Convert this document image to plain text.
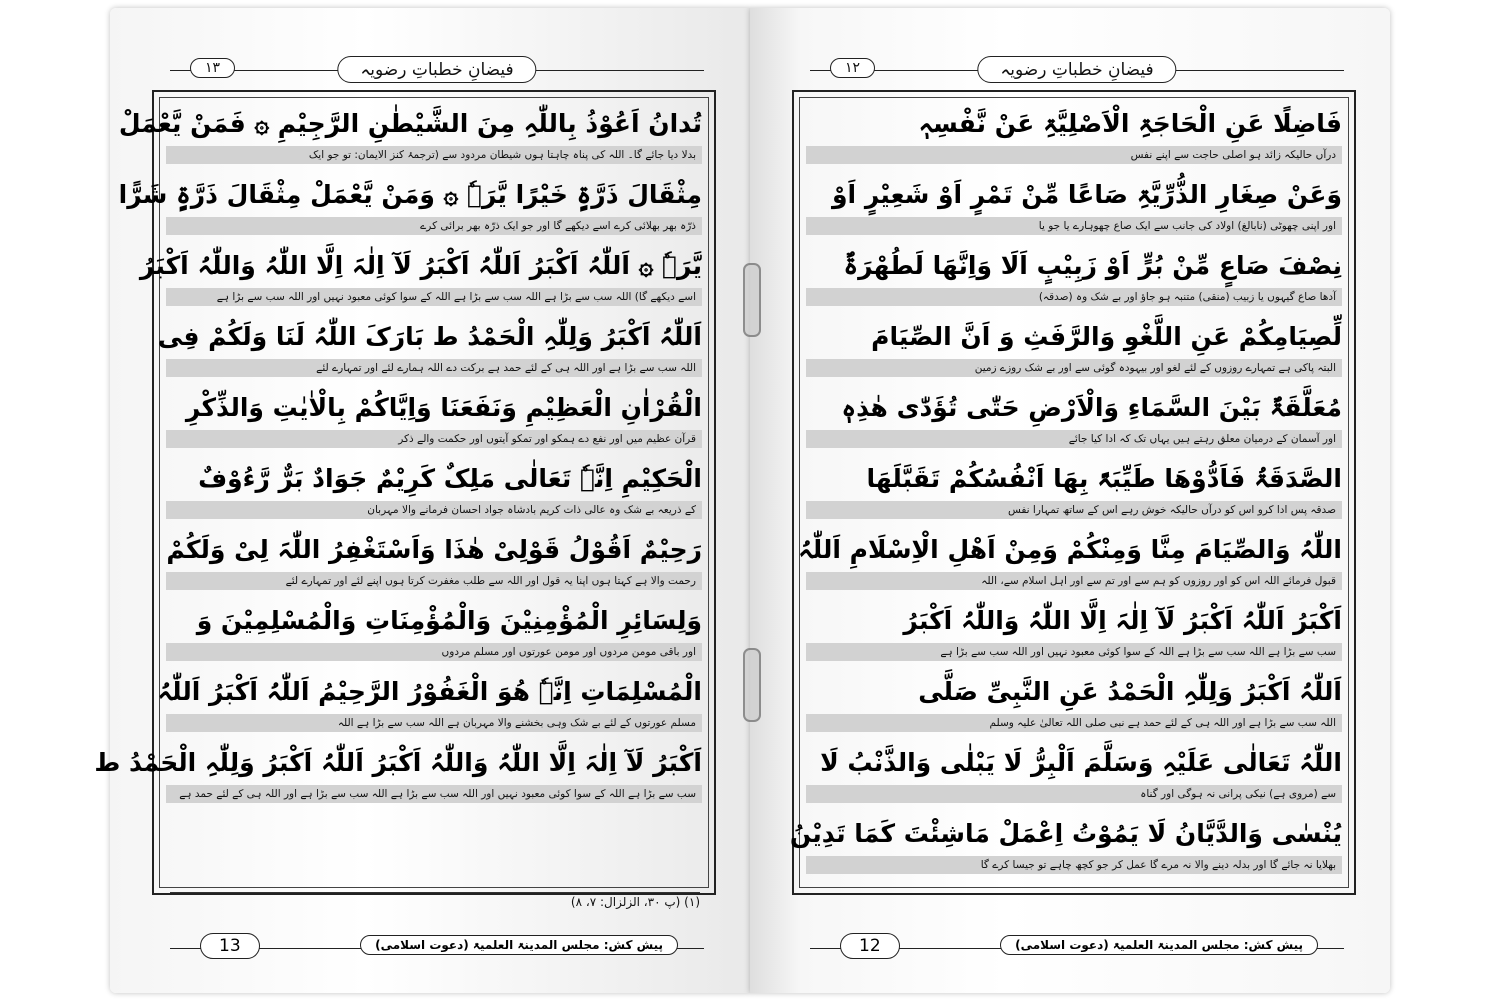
١٣	فیضانِ خطباتِ رضویہ
تُدانُ اَعُوْذُ بِاللّٰہِ مِنَ الشَّیْطٰنِ الرَّجِیْمِ ۞ فَمَنْ یَّعْمَلْ
بدلا دیا جائے گا۔ اللہ کی پناہ چاہتا ہوں شیطان مردود سے (ترجمۂ کنز الایمان: تو جو ایک
مِثْقَالَ ذَرَّۃٍ خَیْرًا یَّرَہٗ ۞ وَمَنْ یَّعْمَلْ مِثْقَالَ ذَرَّۃٍ شَرًّا
ذرّہ بھر بھلائی کرے اسے دیکھے گا اور جو ایک ذرّہ بھر برائی کرے
یَّرَہٗ ۞ اَللّٰہُ اَکْبَرُ اَللّٰہُ اَکْبَرُ لَآ اِلٰہَ اِلَّا اللّٰہُ وَاللّٰہُ اَکْبَرُ
اسے دیکھے گا) اللہ سب سے بڑا ہے اللہ سب سے بڑا ہے اللہ کے سوا کوئی معبود نہیں اور اللہ سب سے بڑا ہے
اَللّٰہُ اَکْبَرُ وَلِلّٰہِ الْحَمْدُ ط بَارَکَ اللّٰہُ لَنَا وَلَکُمْ فِی
اللہ سب سے بڑا ہے اور اللہ ہی کے لئے حمد ہے برکت دے اللہ ہمارے لئے اور تمہارے لئے
الْقُرْاٰنِ الْعَظِیْمِ وَنَفَعَنَا وَاِیَّاکُمْ بِالْاٰیٰتِ وَالذِّکْرِ
قرآن عظیم میں اور نفع دے ہمکو اور تمکو آیتوں اور حکمت والے ذکر
الْحَکِیْمِ اِنَّہٗ تَعَالٰی مَلِکٌ کَرِیْمٌ جَوَادٌ بَرٌّ رَّءُوْفٌ
کے ذریعہ بے شک وہ عالی ذات کریم بادشاہ جواد احسان فرمانے والا مہربان
رَحِیْمٌ اَقُوْلُ قَوْلِیْ ھٰذَا وَاَسْتَغْفِرُ اللّٰہَ لِیْ وَلَکُمْ
رحمت والا ہے کہتا ہوں اپنا یہ قول اور اللہ سے طلب مغفرت کرتا ہوں اپنے لئے اور تمہارے لئے
وَلِسَائِرِ الْمُؤْمِنِیْنَ وَالْمُؤْمِنَاتِ وَالْمُسْلِمِیْنَ وَ
اور باقی مومن مردوں اور مومن عورتوں اور مسلم مردوں
الْمُسْلِمَاتِ اِنَّہٗ ھُوَ الْغَفُوْرُ الرَّحِیْمُ اَللّٰہُ اَکْبَرُ اَللّٰہُ
مسلم عورتوں کے لئے بے شک وہی بخشنے والا مہربان ہے اللہ سب سے بڑا ہے اللہ
اَکْبَرُ لَآ اِلٰہَ اِلَّا اللّٰہُ وَاللّٰہُ اَکْبَرُ اَللّٰہُ اَکْبَرُ وَلِلّٰہِ الْحَمْدُ ط
سب سے بڑا ہے اللہ کے سوا کوئی معبود نہیں اور اللہ سب سے بڑا ہے اللہ سب سے بڑا ہے اور اللہ ہی کے لئے حمد ہے
(۱) (پ ۳۰، الزلزال: ۷، ۸)
13	پیش کش: مجلس المدینۃ العلمیۃ (دعوت اسلامی)
١٢	فیضانِ خطباتِ رضویہ
فَاضِلًا عَنِ الْحَاجَۃِ الْاَصْلِیَّۃِ عَنْ نَّفْسِہٖ
درآں حالیکہ زائد ہو اصلی حاجت سے اپنے نفس
وَعَنْ صِغَارِ الذُّرِّیَّۃِ صَاعًا مِّنْ تَمْرٍ اَوْ شَعِیْرٍ اَوْ
اور اپنی چھوٹی (نابالغ) اولاد کی جانب سے ایک صاع چھوہارے یا جو یا
نِصْفَ صَاعٍ مِّنْ بُرٍّ اَوْ زَبِیْبٍ اَلَا وَاِنَّھَا لَطُھْرَۃٌ
آدھا صاع گیہوں یا زبیب (منقی) متنبہ ہو جاؤ اور بے شک وہ (صدقہ)
لِّصِیَامِکُمْ عَنِ اللَّغْوِ وَالرَّفَثِ وَ اَنَّ الصِّیَامَ
البتہ پاکی ہے تمہارے روزوں کے لئے لغو اور بیہودہ گوئی سے اور بے شک روزے زمین
مُعَلَّقَۃٌ بَیْنَ السَّمَاءِ وَالْاَرْضِ حَتّٰی تُؤَدّٰی ھٰذِہٖ
اور آسمان کے درمیان معلق رہتے ہیں یہاں تک کہ ادا کیا جائے
الصَّدَقَۃُ فَاَدُّوْھَا طَیِّبَۃً بِھَا اَنْفُسُکُمْ تَقَبَّلَھَا
صدقہ پس ادا کرو اس کو درآں حالیکہ خوش رہے اس کے ساتھ تمہارا نفس
اللّٰہُ وَالصِّیَامَ مِنَّا وَمِنْکُمْ وَمِنْ اَھْلِ الْاِسْلَامِ اَللّٰہُ
قبول فرمائے اللہ اس کو اور روزوں کو ہم سے اور تم سے اور اہل اسلام سے، اللہ
اَکْبَرُ اَللّٰہُ اَکْبَرُ لَآ اِلٰہَ اِلَّا اللّٰہُ وَاللّٰہُ اَکْبَرُ
سب سے بڑا ہے اللہ سب سے بڑا ہے اللہ کے سوا کوئی معبود نہیں اور اللہ سب سے بڑا ہے
اَللّٰہُ اَکْبَرُ وَلِلّٰہِ الْحَمْدُ عَنِ النَّبِیِّ صَلَّی
اللہ سب سے بڑا ہے اور اللہ ہی کے لئے حمد ہے نبی صلی اللہ تعالیٰ علیہ وسلم
اللّٰہُ تَعَالٰی عَلَیْہِ وَسَلَّمَ اَلْبِرُّ لَا یَبْلٰی وَالذَّنْبُ لَا
سے (مروی ہے) نیکی پرانی نہ ہوگی اور گناہ
یُنْسٰی وَالدَّیَّانُ لَا یَمُوْتُ اِعْمَلْ مَاشِئْتَ کَمَا تَدِیْنُ
بھلایا نہ جائے گا اور بدلہ دینے والا نہ مرے گا عمل کر جو کچھ چاہے تو جیسا کرے گا
12	پیش کش: مجلس المدینۃ العلمیۃ (دعوت اسلامی)
